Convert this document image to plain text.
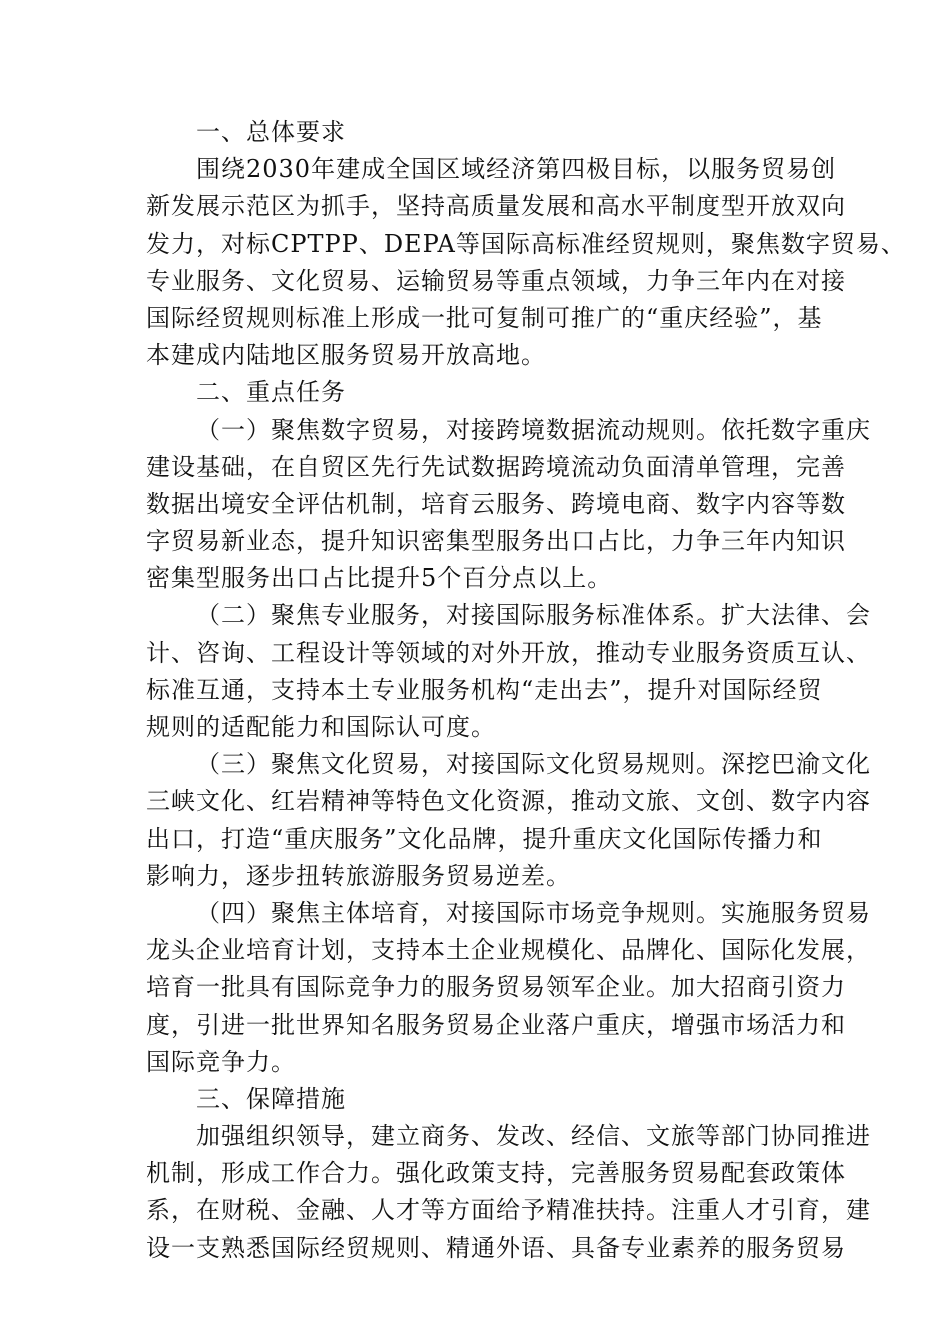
一、总体要求
围绕2030年建成全国区域经济第四极目标，以服务贸易创
新发展示范区为抓手，坚持高质量发展和高水平制度型开放双向
发力，对标CPTPP、DEPA等国际高标准经贸规则，聚焦数字贸易、
专业服务、文化贸易、运输贸易等重点领域，力争三年内在对接
国际经贸规则标准上形成一批可复制可推广的“重庆经验”，基
本建成内陆地区服务贸易开放高地。
二、重点任务
（一）聚焦数字贸易，对接跨境数据流动规则。依托数字重庆
建设基础，在自贸区先行先试数据跨境流动负面清单管理，完善
数据出境安全评估机制，培育云服务、跨境电商、数字内容等数
字贸易新业态，提升知识密集型服务出口占比，力争三年内知识
密集型服务出口占比提升5个百分点以上。
（二）聚焦专业服务，对接国际服务标准体系。扩大法律、会
计、咨询、工程设计等领域的对外开放，推动专业服务资质互认、
标准互通，支持本土专业服务机构“走出去”，提升对国际经贸
规则的适配能力和国际认可度。
（三）聚焦文化贸易，对接国际文化贸易规则。深挖巴渝文化
三峡文化、红岩精神等特色文化资源，推动文旅、文创、数字内容
出口，打造“重庆服务”文化品牌，提升重庆文化国际传播力和
影响力，逐步扭转旅游服务贸易逆差。
（四）聚焦主体培育，对接国际市场竞争规则。实施服务贸易
龙头企业培育计划，支持本土企业规模化、品牌化、国际化发展，
培育一批具有国际竞争力的服务贸易领军企业。加大招商引资力
度，引进一批世界知名服务贸易企业落户重庆，增强市场活力和
国际竞争力。
三、保障措施
加强组织领导，建立商务、发改、经信、文旅等部门协同推进
机制，形成工作合力。强化政策支持，完善服务贸易配套政策体
系，在财税、金融、人才等方面给予精准扶持。注重人才引育，建
设一支熟悉国际经贸规则、精通外语、具备专业素养的服务贸易
